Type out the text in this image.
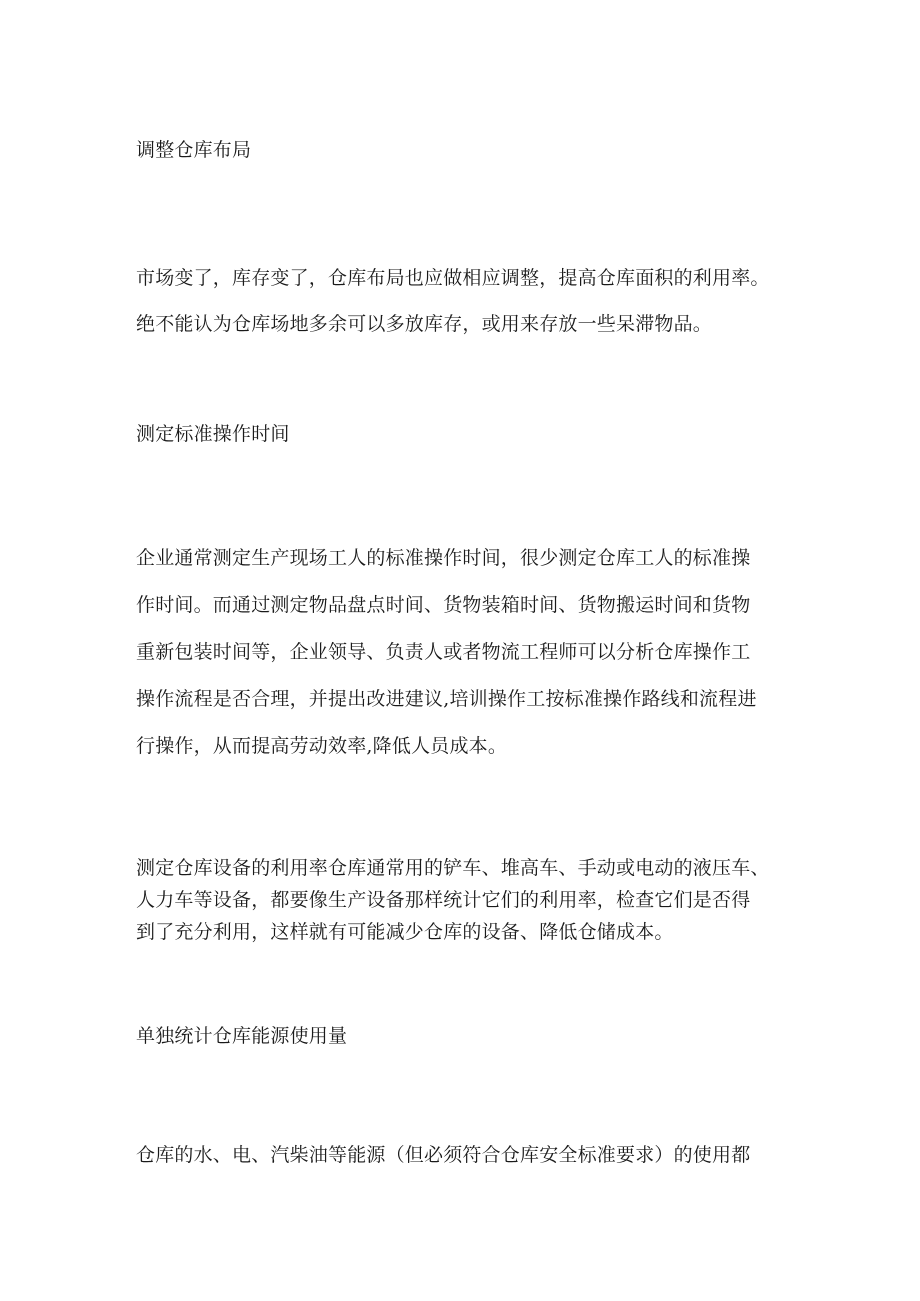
调整仓库布局
市场变了，库存变了，仓库布局也应做相应调整，提高仓库面积的利用率。
绝不能认为仓库场地多余可以多放库存，或用来存放一些呆滞物品。
测定标准操作时间
企业通常测定生产现场工人的标准操作时间，很少测定仓库工人的标准操
作时间。而通过测定物品盘点时间、货物装箱时间、货物搬运时间和货物
重新包装时间等，企业领导、负责人或者物流工程师可以分析仓库操作工
操作流程是否合理，并提出改进建议,培训操作工按标准操作路线和流程进
行操作，从而提高劳动效率,降低人员成本。
测定仓库设备的利用率仓库通常用的铲车、堆高车、手动或电动的液压车、
人力车等设备，都要像生产设备那样统计它们的利用率，检查它们是否得
到了充分利用，这样就有可能减少仓库的设备、降低仓储成本。
单独统计仓库能源使用量
仓库的水、电、汽柴油等能源（但必须符合仓库安全标准要求）的使用都
